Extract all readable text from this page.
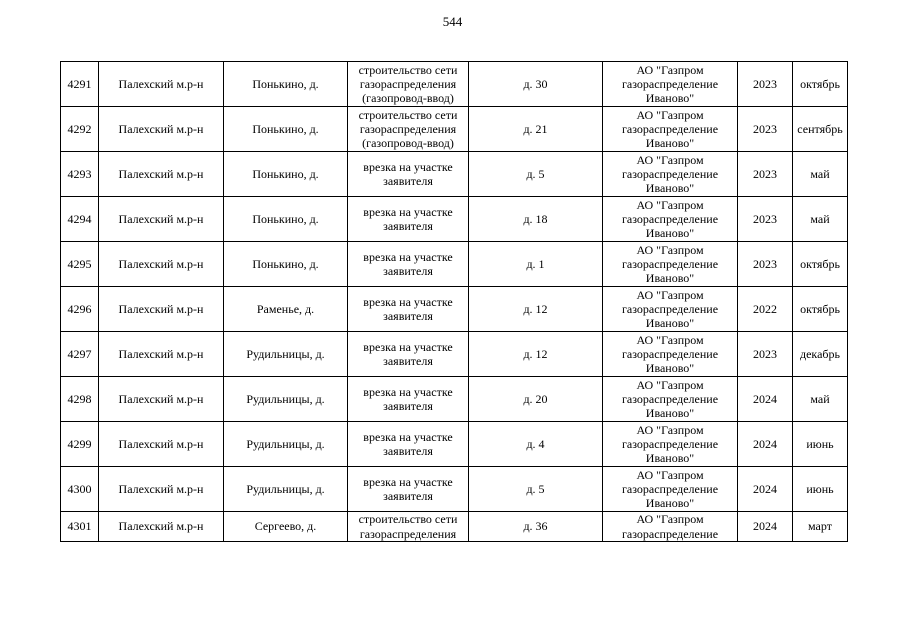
544
4291	Палехский м.р-н	Понькино, д.	строительство сети газораспределения (газопровод-ввод)	д. 30	АО "Газпром газораспределение Иваново"	2023	октябрь
4292	Палехский м.р-н	Понькино, д.	строительство сети газораспределения (газопровод-ввод)	д. 21	АО "Газпром газораспределение Иваново"	2023	сентябрь
4293	Палехский м.р-н	Понькино, д.	врезка на участке заявителя	д. 5	АО "Газпром газораспределение Иваново"	2023	май
4294	Палехский м.р-н	Понькино, д.	врезка на участке заявителя	д. 18	АО "Газпром газораспределение Иваново"	2023	май
4295	Палехский м.р-н	Понькино, д.	врезка на участке заявителя	д. 1	АО "Газпром газораспределение Иваново"	2023	октябрь
4296	Палехский м.р-н	Раменье, д.	врезка на участке заявителя	д. 12	АО "Газпром газораспределение Иваново"	2022	октябрь
4297	Палехский м.р-н	Рудильницы, д.	врезка на участке заявителя	д. 12	АО "Газпром газораспределение Иваново"	2023	декабрь
4298	Палехский м.р-н	Рудильницы, д.	врезка на участке заявителя	д. 20	АО "Газпром газораспределение Иваново"	2024	май
4299	Палехский м.р-н	Рудильницы, д.	врезка на участке заявителя	д. 4	АО "Газпром газораспределение Иваново"	2024	июнь
4300	Палехский м.р-н	Рудильницы, д.	врезка на участке заявителя	д. 5	АО "Газпром газораспределение Иваново"	2024	июнь
4301	Палехский м.р-н	Сергеево, д.	строительство сети газораспределения	д. 36	АО "Газпром газораспределение	2024	март
